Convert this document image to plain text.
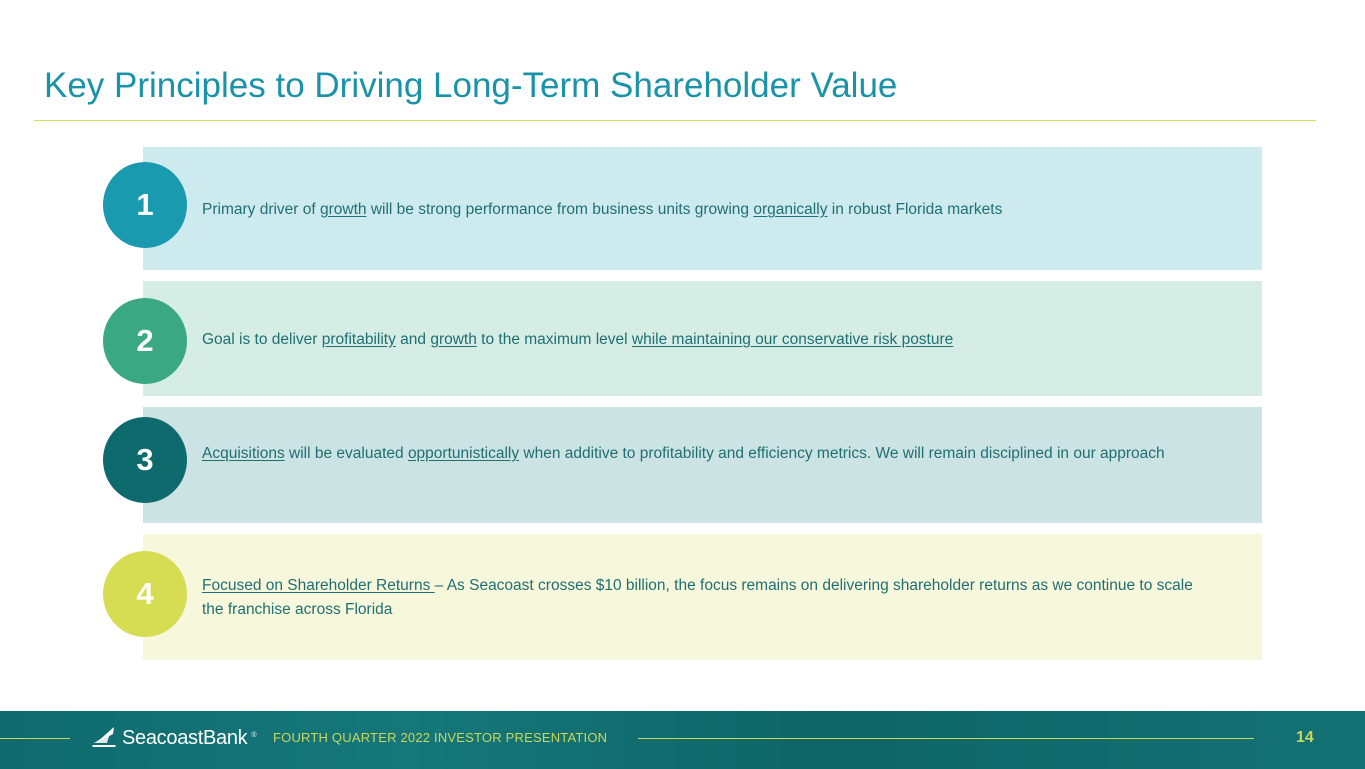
Key Principles to Driving Long-Term Shareholder Value
1	Primary driver of growth will be strong performance from business units growing organically in robust Florida markets
2	Goal is to deliver profitability and growth to the maximum level while maintaining our conservative risk posture
3	Acquisitions will be evaluated opportunistically when additive to profitability and efficiency metrics. We will remain disciplined in our approach
4	Focused on Shareholder Returns – As Seacoast crosses $10 billion, the focus remains on delivering shareholder returns as we continue to scale the franchise across Florida
SeacoastBank ® FOURTH QUARTER 2022 INVESTOR PRESENTATION	14
